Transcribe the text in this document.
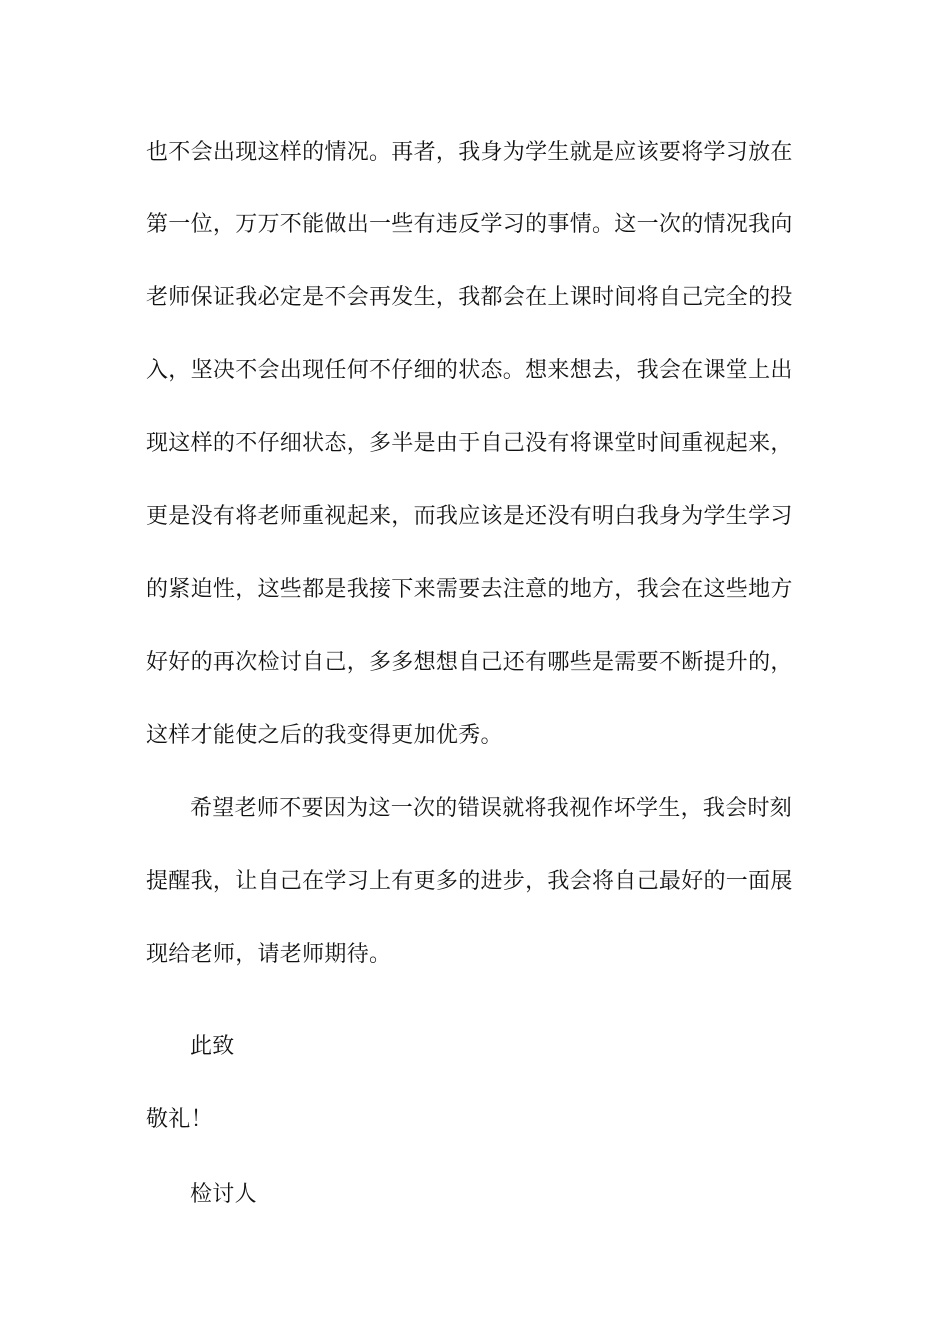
也不会出现这样的情况。再者，我身为学生就是应该要将学习放在
第一位，万万不能做出一些有违反学习的事情。这一次的情况我向
老师保证我必定是不会再发生，我都会在上课时间将自己完全的投
入，坚决不会出现任何不仔细的状态。想来想去，我会在课堂上出
现这样的不仔细状态，多半是由于自己没有将课堂时间重视起来，
更是没有将老师重视起来，而我应该是还没有明白我身为学生学习
的紧迫性，这些都是我接下来需要去注意的地方，我会在这些地方
好好的再次检讨自己，多多想想自己还有哪些是需要不断提升的，
这样才能使之后的我变得更加优秀。
希望老师不要因为这一次的错误就将我视作坏学生，我会时刻
提醒我，让自己在学习上有更多的进步，我会将自己最好的一面展
现给老师，请老师期待。
此致
敬礼！
检讨人
